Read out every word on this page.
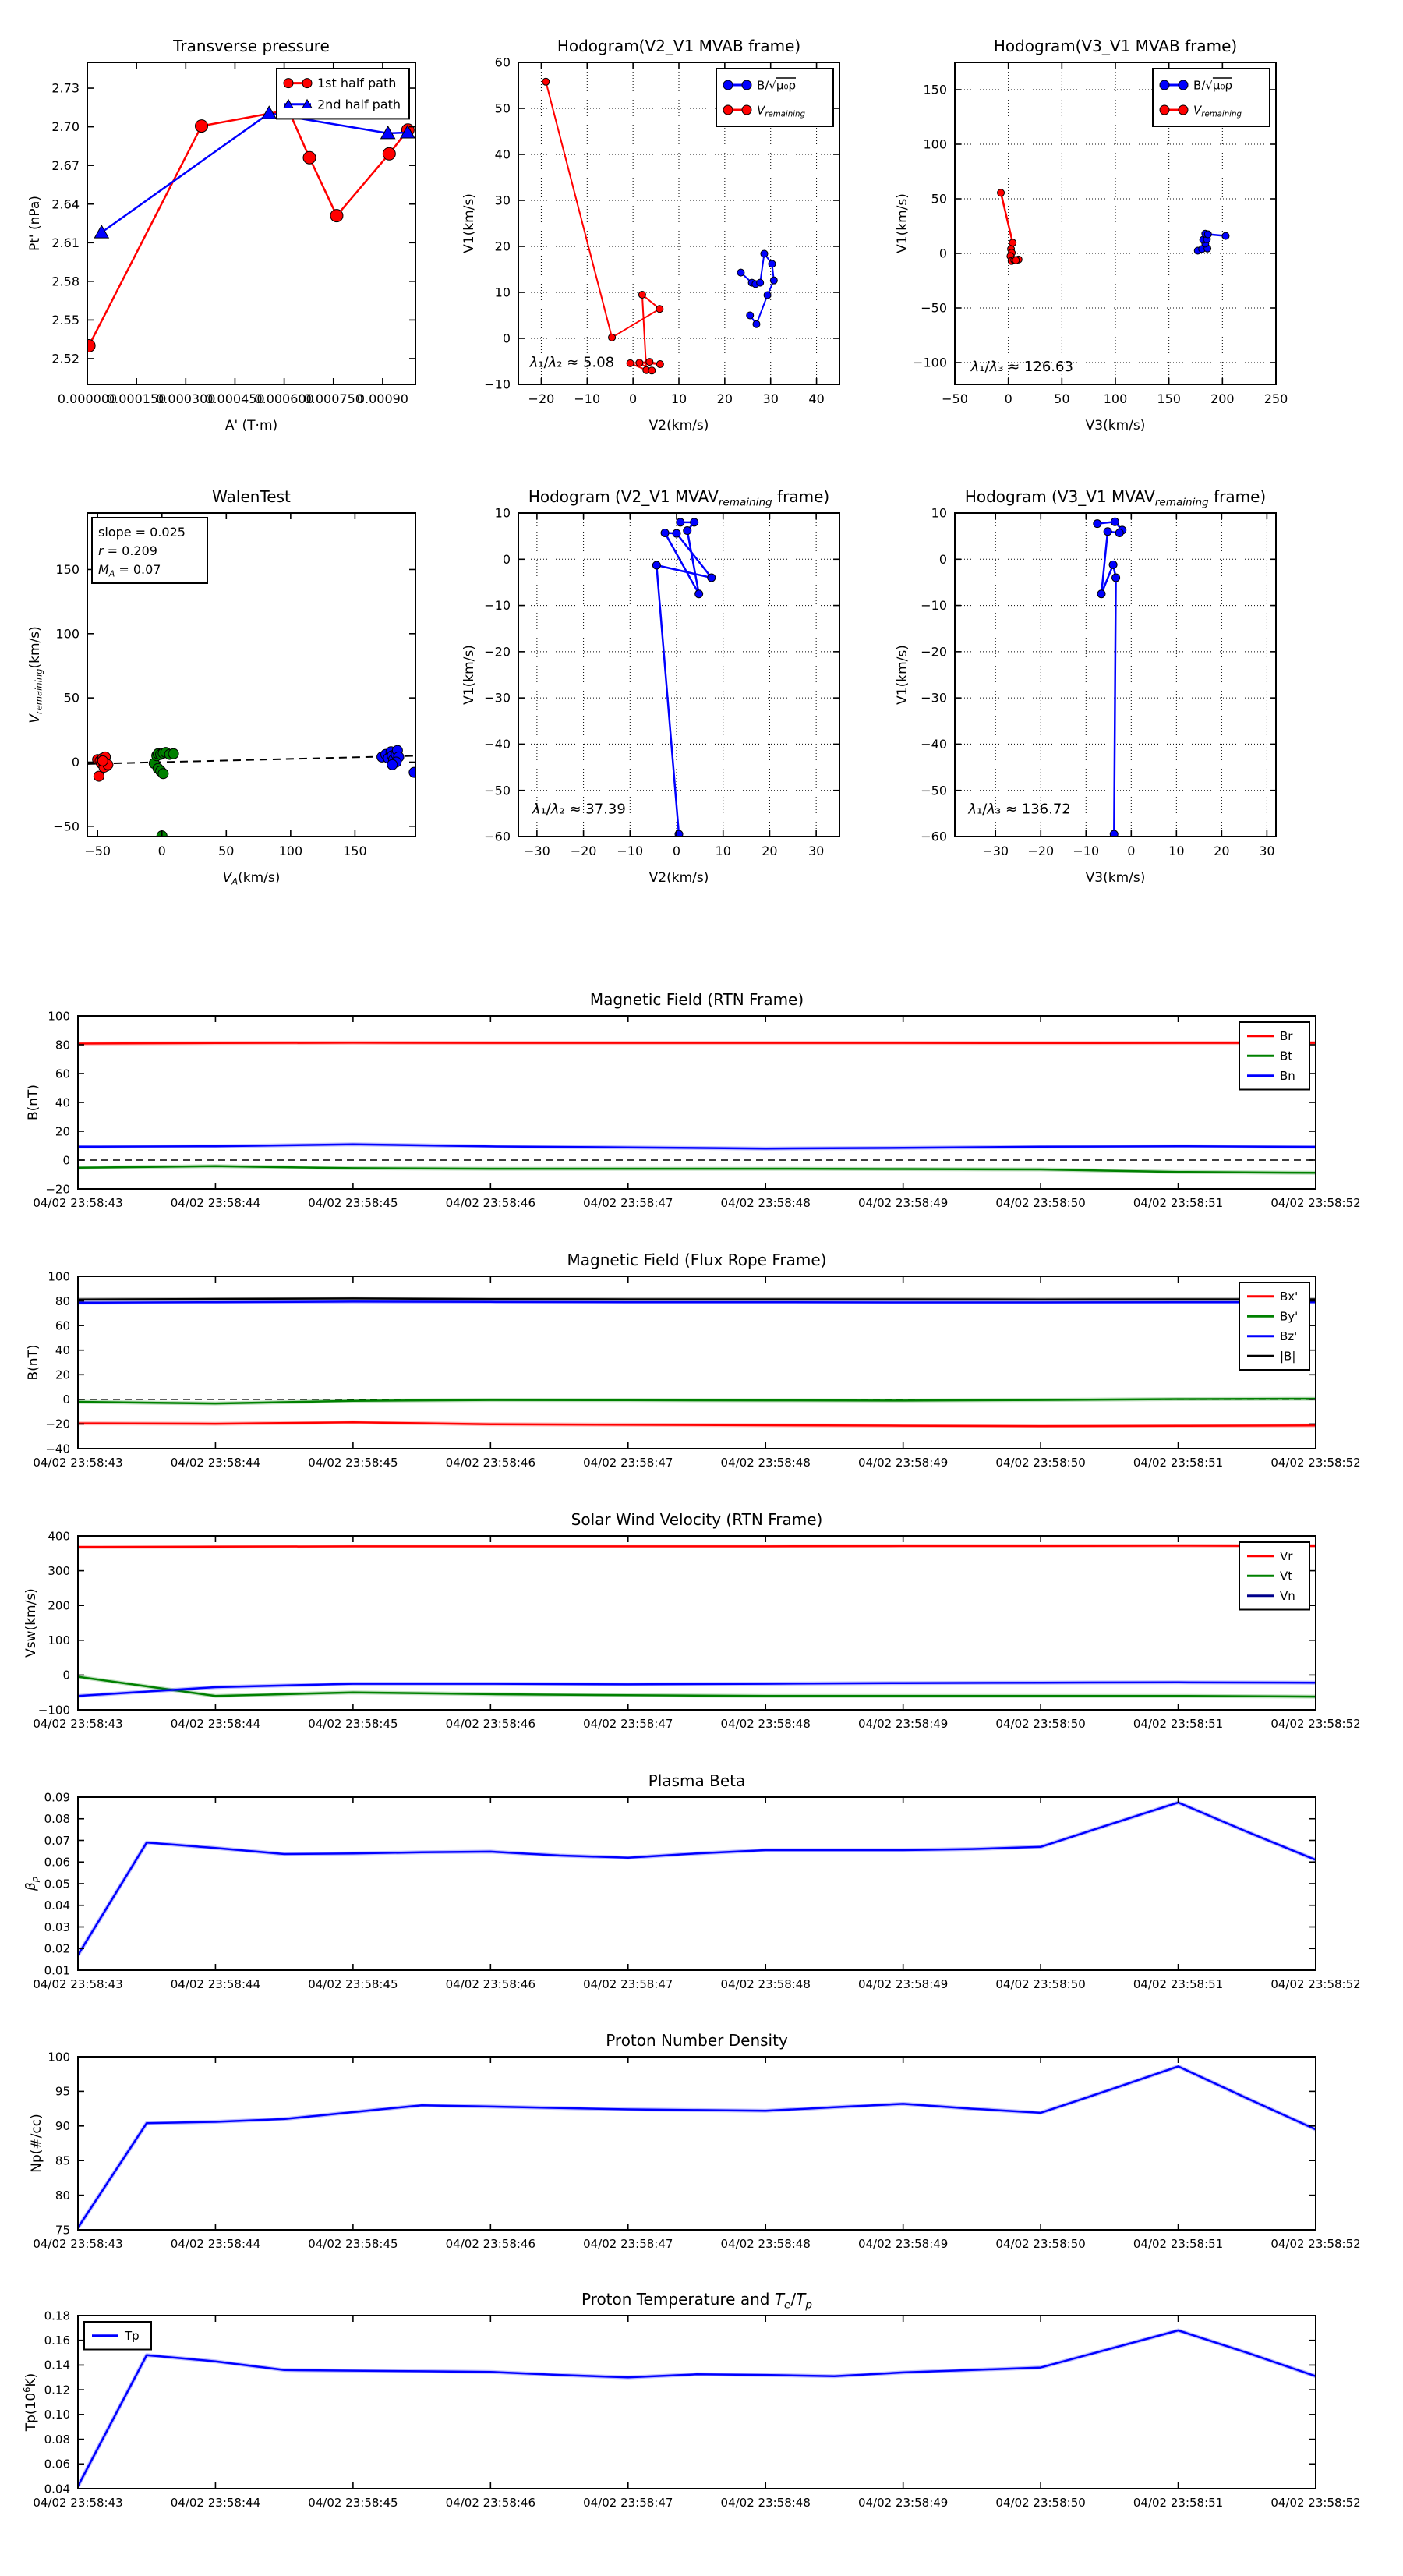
0.000000
0.000150
0.000300
0.000450
0.000600
0.000750
0.00090
2.52
2.55
2.58
2.61
2.64
2.67
2.70
2.73
Transverse pressure
A' (T·m)
Pt' (nPa)
1st half path
2nd half path
−20 −10 0	10 20 30 40
−10
0
10
20
30
40
50
60
Hodogram(V2_V1 MVAB frame)
V2(km/s)
V1(km/s)
B/√μ₀ρ
$V_{remaining}$
λ₁/λ₂ ≈ 5.08
−50	0	50	100 150 200 250
−100
−50
0
50
100
150
Hodogram(V3_V1 MVAB frame)
V3(km/s)
V1(km/s)
B/√μ₀ρ
$V_{remaining}$
λ₁/λ₃ ≈ 126.63
−50	0	50	100	150
−50
0
50
100
150
WalenTest
$V_A(km/s)$
$V_{remaining}(km/s)$
slope = 0.025
r = 0.209
$M_A = 0.07$
−30 −20 −10 0	10 20 30
−60
−50
−40
−30
−20
−10
0
10
Hodogram (V2_V1 $MVAV_{remaining}$ frame)
V2(km/s)
V1(km/s)
λ₁/λ₂ ≈ 37.39
−30 −20 −10 0	10 20 30
−60
−50
−40
−30
−20
−10
0
10
Hodogram (V3_V1 $MVAV_{remaining}$ frame)
V3(km/s)
V1(km/s)
λ₁/λ₃ ≈ 136.72
04/02 23:58:43	04/02 23:58:44	04/02 23:58:45	04/02 23:58:46	04/02 23:58:47	04/02 23:58:48	04/02 23:58:49	04/02 23:58:50	04/02 23:58:51	04/02 23:58:52
−20
0
20
40
60
80
100
Magnetic Field (RTN Frame)
B(nT)
Br
Bt
Bn
04/02 23:58:43	04/02 23:58:44	04/02 23:58:45	04/02 23:58:46	04/02 23:58:47	04/02 23:58:48	04/02 23:58:49	04/02 23:58:50	04/02 23:58:51	04/02 23:58:52
−40
−20
0
20
40
60
80
100
Magnetic Field (Flux Rope Frame)
B(nT)
Bx'
By'
Bz'
|B|
04/02 23:58:43	04/02 23:58:44	04/02 23:58:45	04/02 23:58:46	04/02 23:58:47	04/02 23:58:48	04/02 23:58:49	04/02 23:58:50	04/02 23:58:51	04/02 23:58:52
−100
0
100
200
300
400
Solar Wind Velocity (RTN Frame)
Vsw(km/s)
Vr
Vt
Vn
04/02 23:58:43	04/02 23:58:44	04/02 23:58:45	04/02 23:58:46	04/02 23:58:47	04/02 23:58:48	04/02 23:58:49	04/02 23:58:50	04/02 23:58:51	04/02 23:58:52
0.01
0.02
0.03
0.04
0.05
0.06
0.07
0.08
0.09
Plasma Beta
$\beta_p$
04/02 23:58:43	04/02 23:58:44	04/02 23:58:45	04/02 23:58:46	04/02 23:58:47	04/02 23:58:48	04/02 23:58:49	04/02 23:58:50	04/02 23:58:51	04/02 23:58:52
75
80
85
90
95
100
Proton Number Density
Np(#/cc)
04/02 23:58:43	04/02 23:58:44	04/02 23:58:45	04/02 23:58:46	04/02 23:58:47	04/02 23:58:48	04/02 23:58:49	04/02 23:58:50	04/02 23:58:51	04/02 23:58:52
0.04
0.06
0.08
0.10
0.12
0.14
0.16
0.18
Proton Temperature and $T_e/T_p$
$Tp(10^6K)$
Tp
